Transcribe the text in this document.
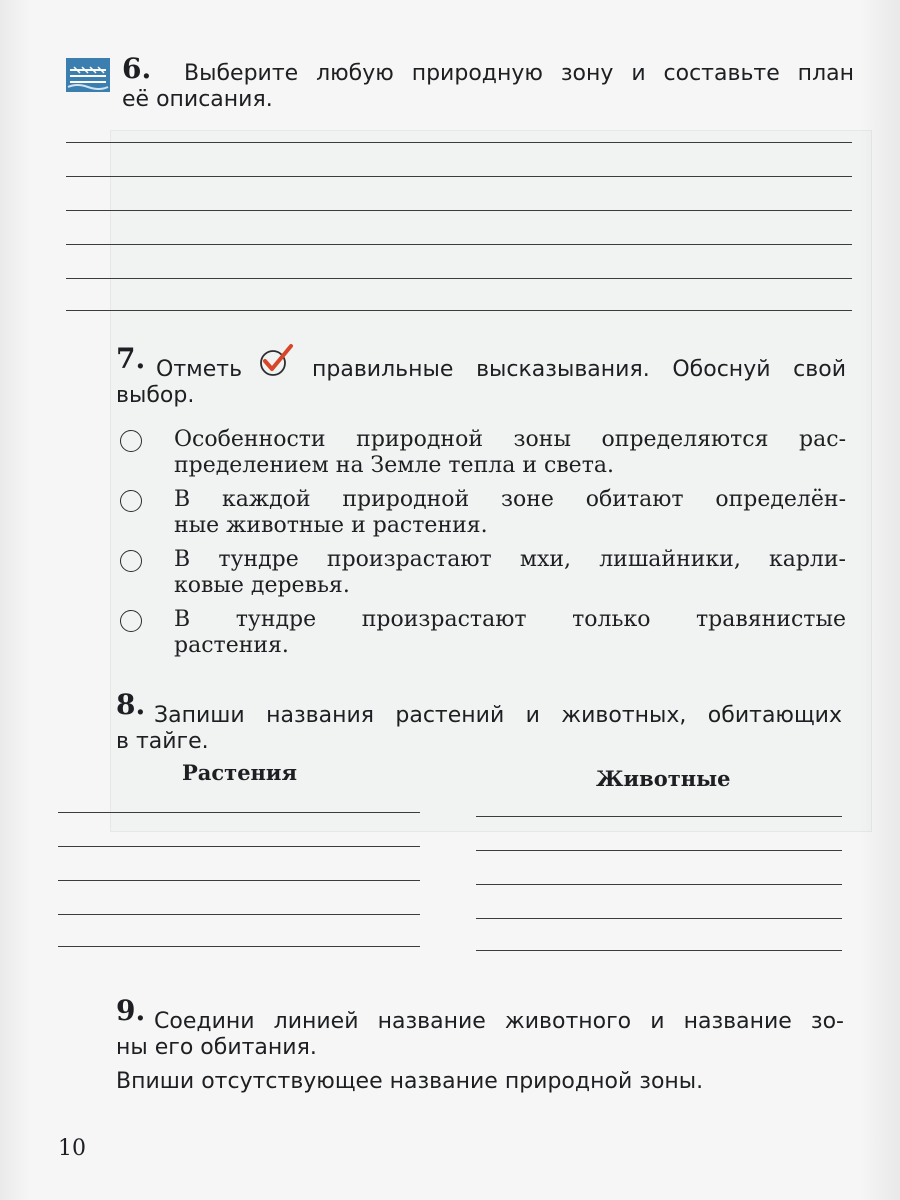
6. Выберите любую природную зону и составьте план
её описания.
7. Отметь	правильные высказывания. Обоснуй свой
выбор.
Особенности природной зоны определяются рас-
пределением на Земле тепла и света.
В каждой природной зоне обитают определён-
ные животные и растения.
В тундре произрастают мхи, лишайники, карли-
ковые деревья.
В тундре произрастают только травянистые
растения.
8. Запиши названия растений и животных, обитающих
в тайге.
Растения	Животные
9. Соедини линией название животного и название зо-
ны его обитания.
Впиши отсутствующее название природной зоны.
10
